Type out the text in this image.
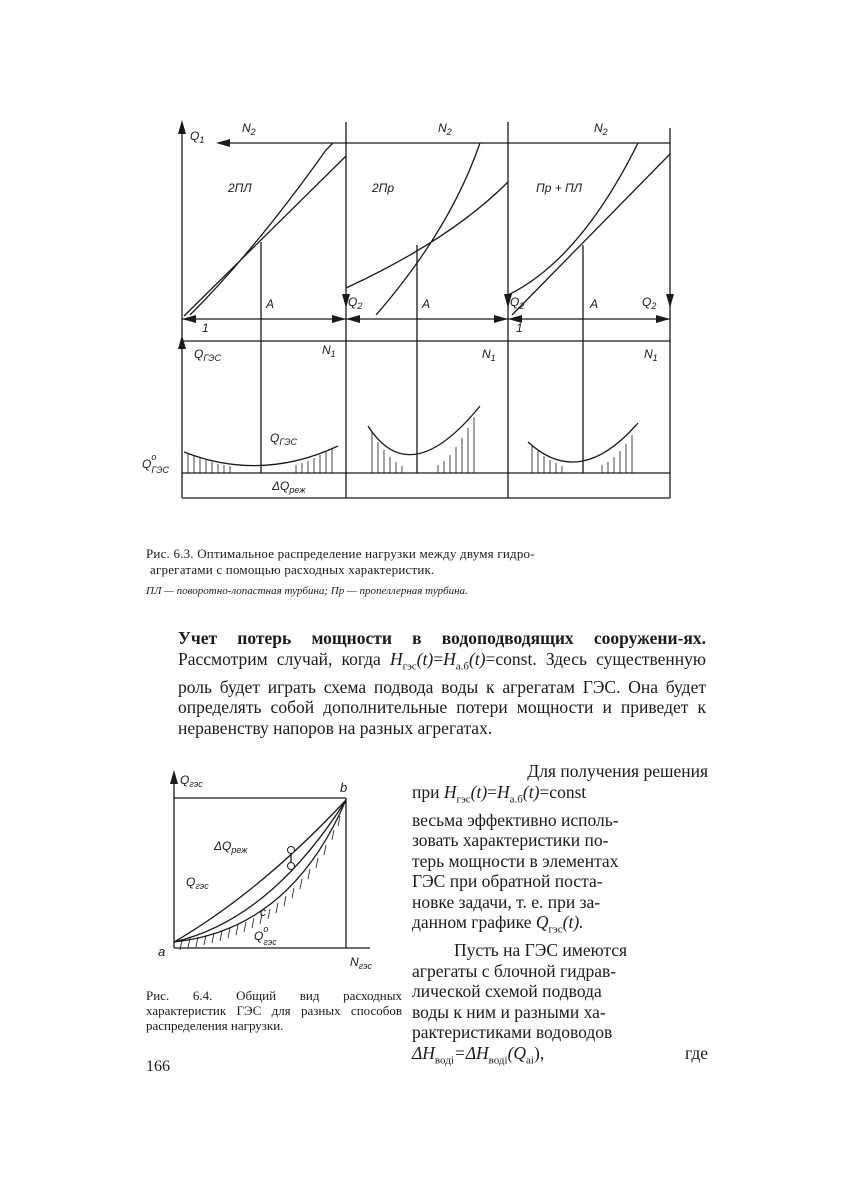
$Q_1$
$N_2$	$N_2$	$N_2$
2ПЛ	2Пр	Пр + ПЛ
A	A	A
1	1
$Q_2$	$Q_2$	$Q_2$
$Q_{ГЭС}$
$N_1$	$N_1$	$N_1$
$Q_{ГЭС}$
$Q^o$ ГЭС
$\Delta Q_{реж}$
Рис. 6.3. Оптимальное распределение нагрузки между двумя гидро-
агрегатами с помощью расходных характеристик.
ПЛ — поворотно-лопастная турбина; Пр — пропеллерная турбина.
Учет потерь мощности в водоподводящих сооружени-ях. Рассмотрим случай, когда $H_{гэс}(t)=H_{а.б}(t)=const$. Здесь существенную роль будет играть схема подвода воды к агрегатам ГЭС. Она будет определять собой дополнительные потери мощности и приведет к неравенству напоров на разных агрегатах.
$Q_{гэс}$	b
a
c
$\Delta Q_{реж}$
$Q_{гэс}$
$Q^o$ гэс
$N_{гэс}$
Рис. 6.4. Общий вид расходных характеристик ГЭС для разных способов распределения нагрузки.
Для получения решения
при $H_{гэс}(t)=H_{а.б}(t)=const$
весьма эффективно исполь-
зовать характеристики по-
терь мощности в элементах
ГЭС при обратной поста-
новке задачи, т. е. при за-
данном графике $Q_{гэс}(t)$.
Пусть на ГЭС имеются
агрегаты с блочной гидрав-
лической схемой подвода
воды к ним и разными ха-
рактеристиками водоводов
$\Delta H_{водi}=\Delta H_{водi}(Q_{аi})$,	где
166
